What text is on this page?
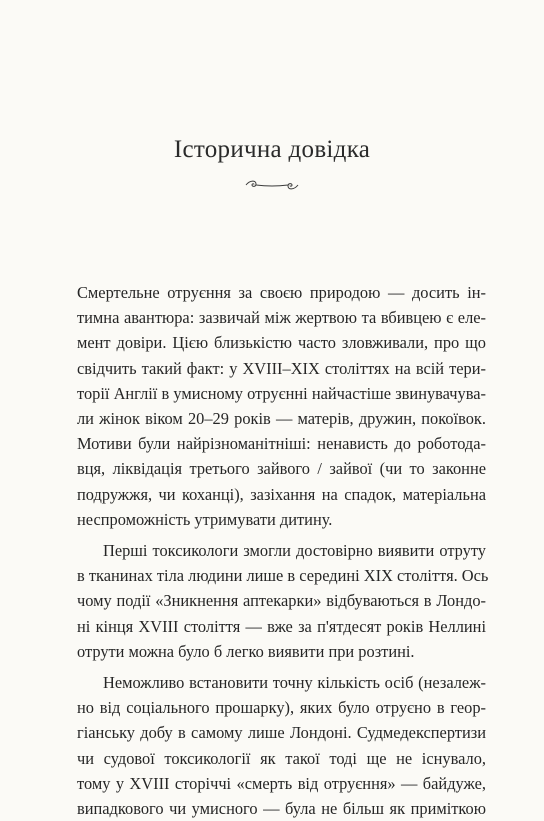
Історична довідка
Смертельне отруєння за своєю природою — досить ін-
тимна авантюра: зазвичай між жертвою та вбивцею є еле-
мент довіри. Цією близькістю часто зловживали, про що
свідчить такий факт: у XVIII–XIX століттях на всій тери-
торії Англії в умисному отруєнні найчастіше звинувачува-
ли жінок віком 20–29 років — матерів, дружин, покоївок.
Мотиви були найрізноманітніші: ненависть до роботода-
вця, ліквідація третього зайвого / зайвої (чи то законне
подружжя, чи коханці), зазіхання на спадок, матеріальна
неспроможність утримувати дитину.
Перші токсикологи змогли достовірно виявити отруту
в тканинах тіла людини лише в середині XIX століття. Ось
чому події «Зникнення аптекарки» відбуваються в Лондо-
ні кінця XVIII століття — вже за п'ятдесят років Неллині
отрути можна було б легко виявити при розтині.
Неможливо встановити точну кількість осіб (незалеж-
но від соціального прошарку), яких було отруєно в геор-
гіанську добу в самому лише Лондоні. Судмедекспертизи
чи судової токсикології як такої тоді ще не існувало,
тому у XVIII сторіччі «смерть від отруєння» — байдуже,
випадкового чи умисного — була не більш як приміткою
